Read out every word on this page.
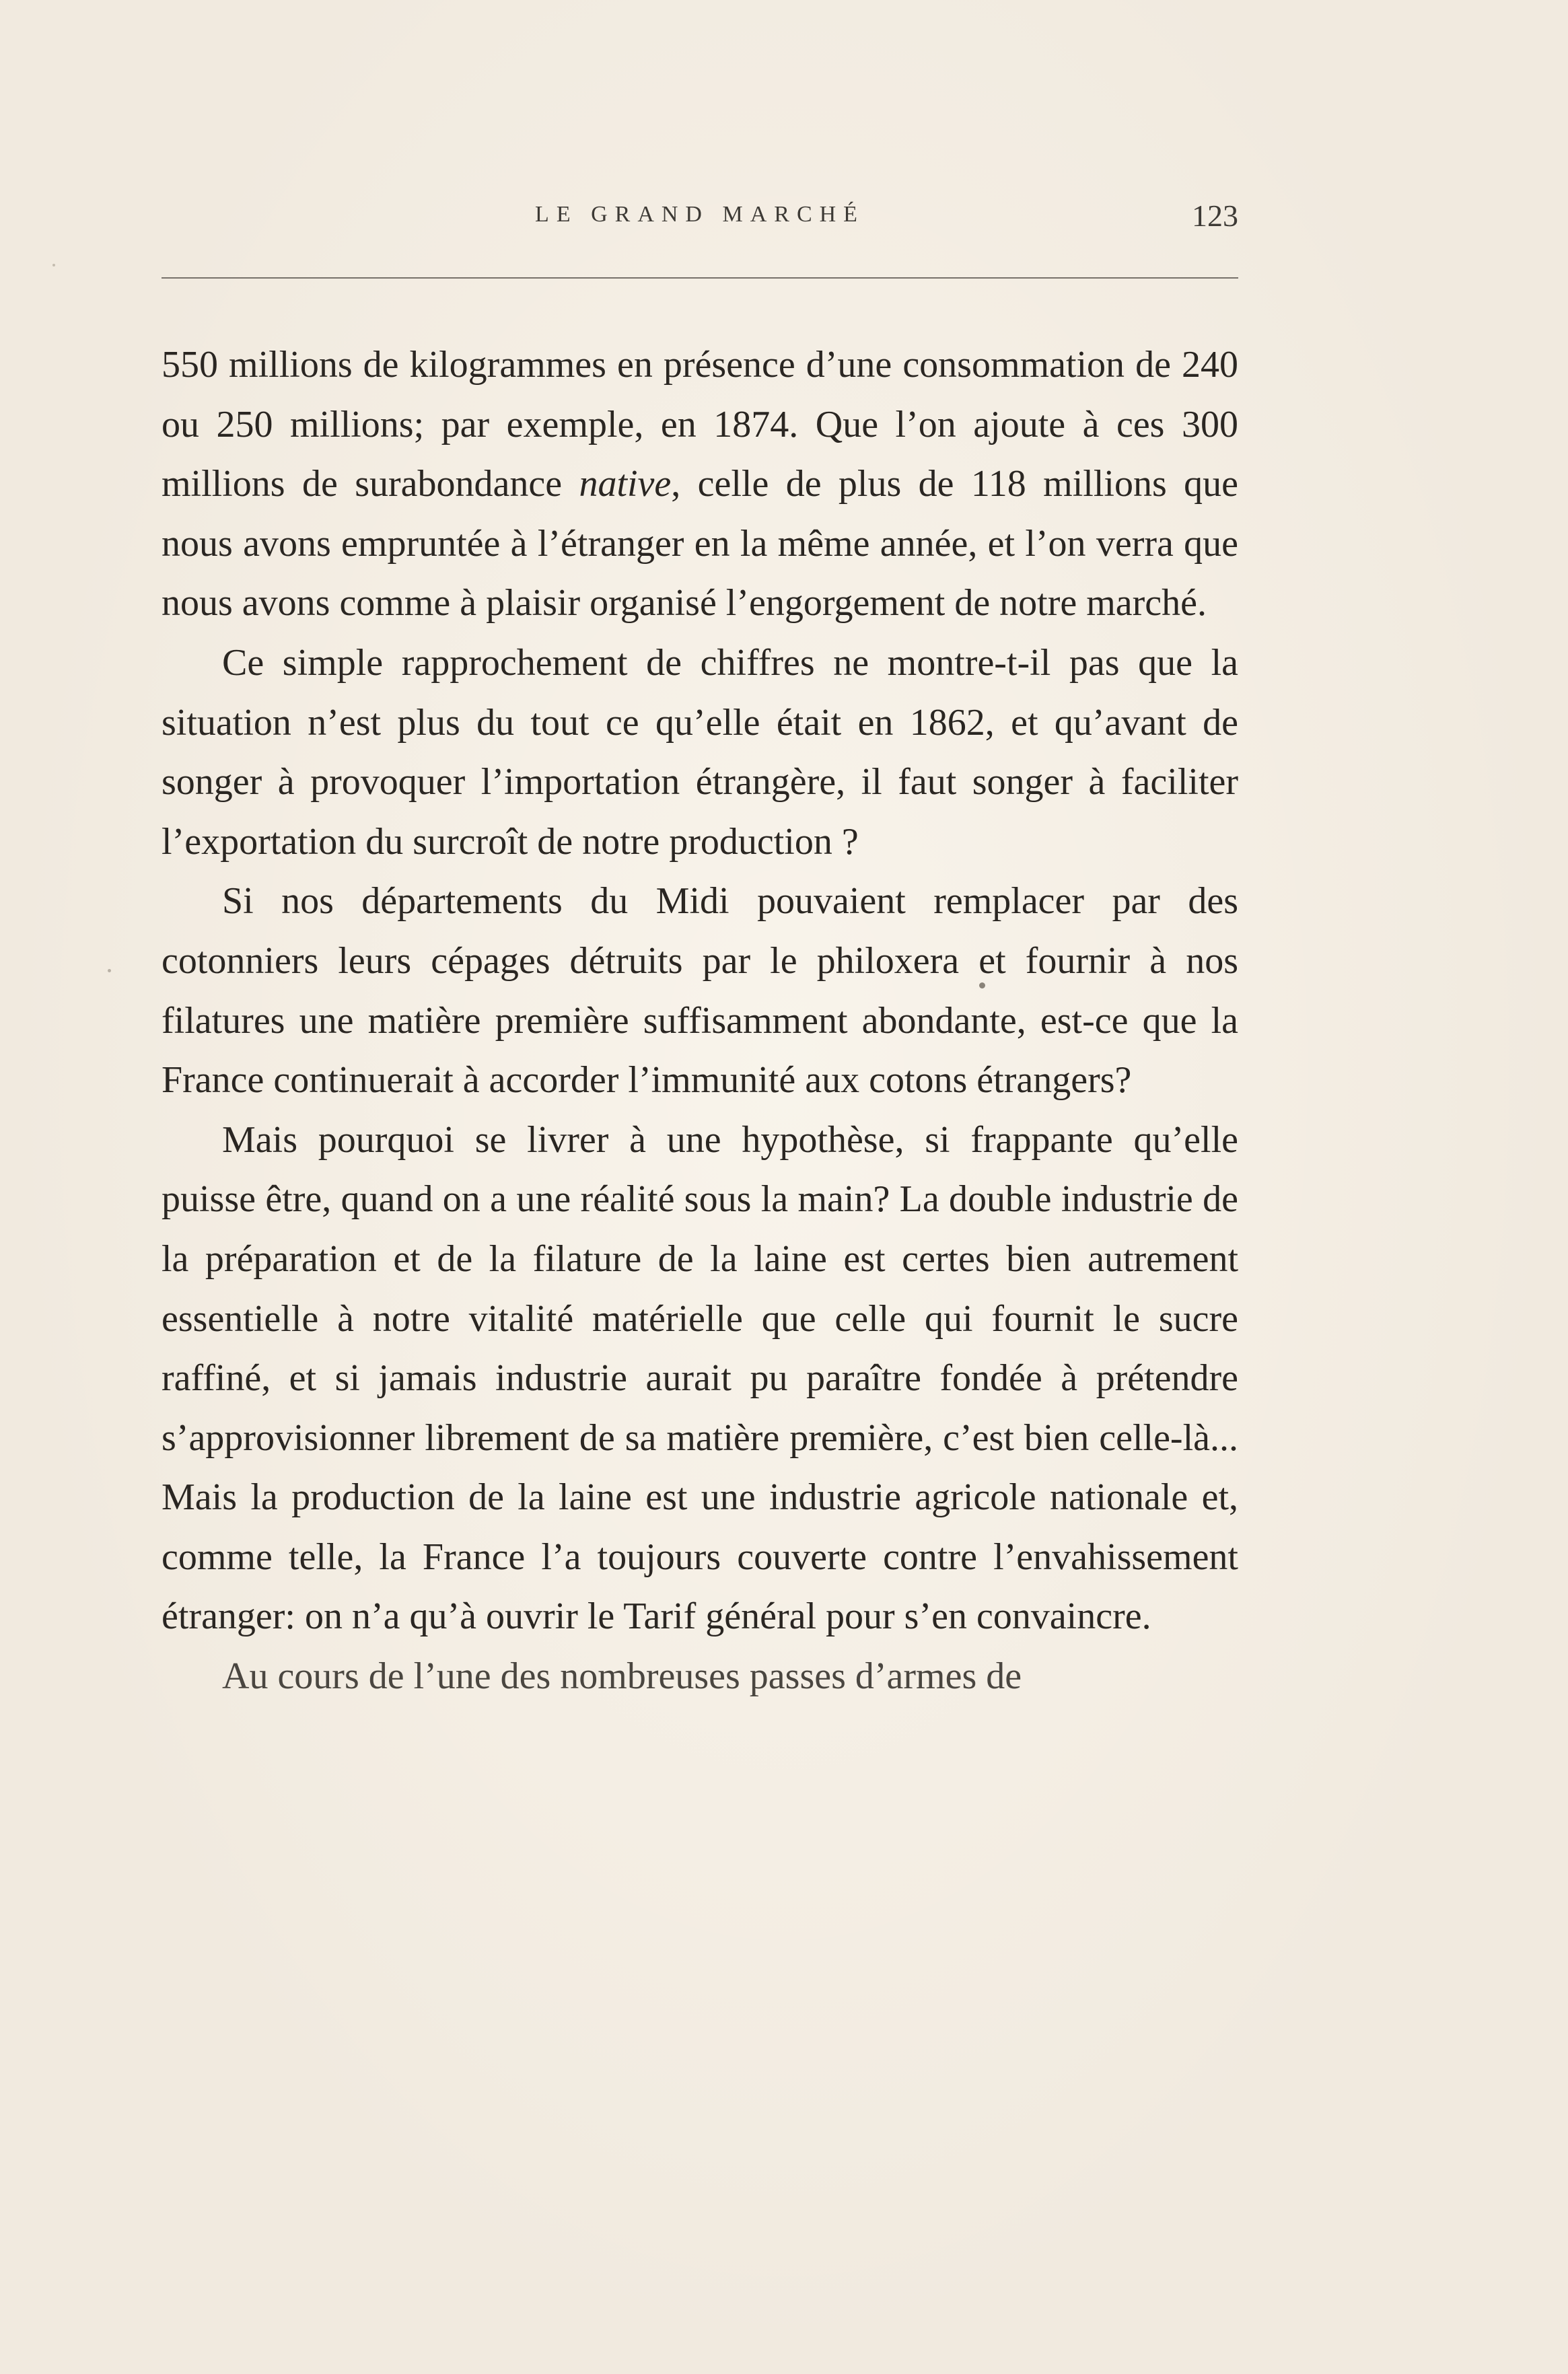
LE GRAND MARCHÉ	123

550 millions de kilogrammes en présence d’une consommation de 240 ou 250 millions; par exemple, en 1874. Que l’on ajoute à ces 300 millions de surabondance native, celle de plus de 118 millions que nous avons empruntée à l’étranger en la même année, et l’on verra que nous avons comme à plaisir organisé l’engorgement de notre marché.

Ce simple rapprochement de chiffres ne montre-t-il pas que la situation n’est plus du tout ce qu’elle était en 1862, et qu’avant de songer à provoquer l’importation étrangère, il faut songer à faciliter l’exportation du surcroît de notre production ?

Si nos départements du Midi pouvaient remplacer par des cotonniers leurs cépages détruits par le philoxera et fournir à nos filatures une matière première suffisamment abondante, est-ce que la France continuerait à accorder l’immunité aux cotons étrangers?

Mais pourquoi se livrer à une hypothèse, si frappante qu’elle puisse être, quand on a une réalité sous la main? La double industrie de la préparation et de la filature de la laine est certes bien autrement essentielle à notre vitalité matérielle que celle qui fournit le sucre raffiné, et si jamais industrie aurait pu paraître fondée à prétendre s’approvisionner librement de sa matière première, c’est bien celle-là... Mais la production de la laine est une industrie agricole nationale et, comme telle, la France l’a toujours couverte contre l’envahissement étranger: on n’a qu’à ouvrir le Tarif général pour s’en convaincre.

Au cours de l’une des nombreuses passes d’armes de
